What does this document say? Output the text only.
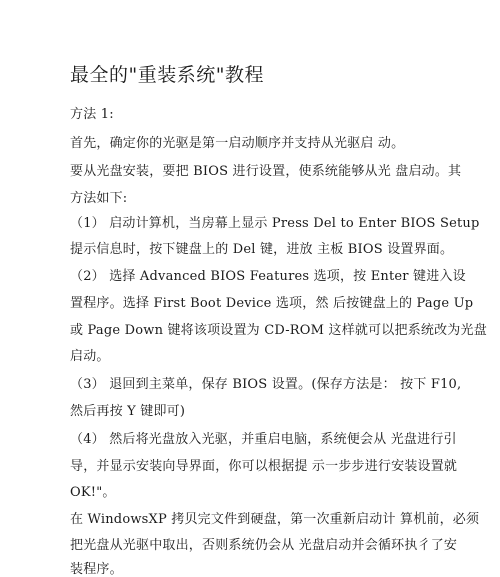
最全的"重装系统"教程
方法 1:
首先，确定你的光驱是第一启动顺序并支持从光驱启 动。
要从光盘安装，要把 BIOS 进行设置，使系统能够从光 盘启动。其
方法如下:
（1） 启动计算机，当房幕上显示 Press Del to Enter BIOS Setup
提示信息时，按下键盘上的 Del 键，进放 主板 BIOS 设置界面。
（2） 选择 Advanced BIOS Features 选项，按 Enter 键进入设
置程序。选择 First Boot Device 选项，然 后按键盘上的 Page Up
或 Page Down 键将该项设置为 CD-ROM 这样就可以把系统改为光盘
启动。
（3） 退回到主菜单，保存 BIOS 设置。(保存方法是： 按下 F10,
然后再按 Y 键即可)
（4） 然后将光盘放入光驱，并重启电脑，系统便会从 光盘进行引
导，并显示安装向导界面，你可以根据提 示一步步进行安装设置就
OK!"。
在 WindowsXP 拷贝完文件到硬盘，第一次重新启动计 算机前，必须
把光盘从光驱中取出，否则系统仍会从 光盘启动并会循环执彳了安
装程序。
